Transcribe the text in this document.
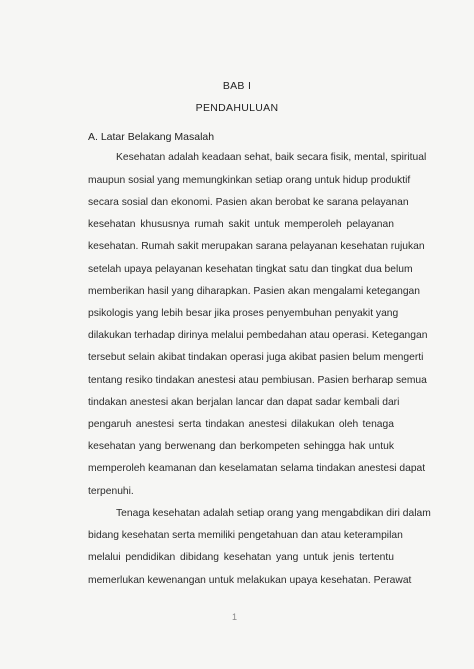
BAB I
PENDAHULUAN
A. Latar Belakang Masalah
Kesehatan adalah keadaan sehat, baik secara fisik, mental, spiritual
maupun sosial yang memungkinkan setiap orang untuk hidup produktif
secara sosial dan ekonomi. Pasien akan berobat ke sarana pelayanan
kesehatan khususnya rumah sakit untuk memperoleh pelayanan
kesehatan. Rumah sakit merupakan sarana pelayanan kesehatan rujukan
setelah upaya pelayanan kesehatan tingkat satu dan tingkat dua belum
memberikan hasil yang diharapkan. Pasien akan mengalami ketegangan
psikologis yang lebih besar jika proses penyembuhan penyakit yang
dilakukan terhadap dirinya melalui pembedahan atau operasi. Ketegangan
tersebut selain akibat tindakan operasi juga akibat pasien belum mengerti
tentang resiko tindakan anestesi atau pembiusan. Pasien berharap semua
tindakan anestesi akan berjalan lancar dan dapat sadar kembali dari
pengaruh anestesi serta tindakan anestesi dilakukan oleh tenaga
kesehatan yang berwenang dan berkompeten sehingga hak untuk
memperoleh keamanan dan keselamatan selama tindakan anestesi dapat
terpenuhi.
Tenaga kesehatan adalah setiap orang yang mengabdikan diri dalam
bidang kesehatan serta memiliki pengetahuan dan atau keterampilan
melalui pendidikan dibidang kesehatan yang untuk jenis tertentu
memerlukan kewenangan untuk melakukan upaya kesehatan. Perawat
1
